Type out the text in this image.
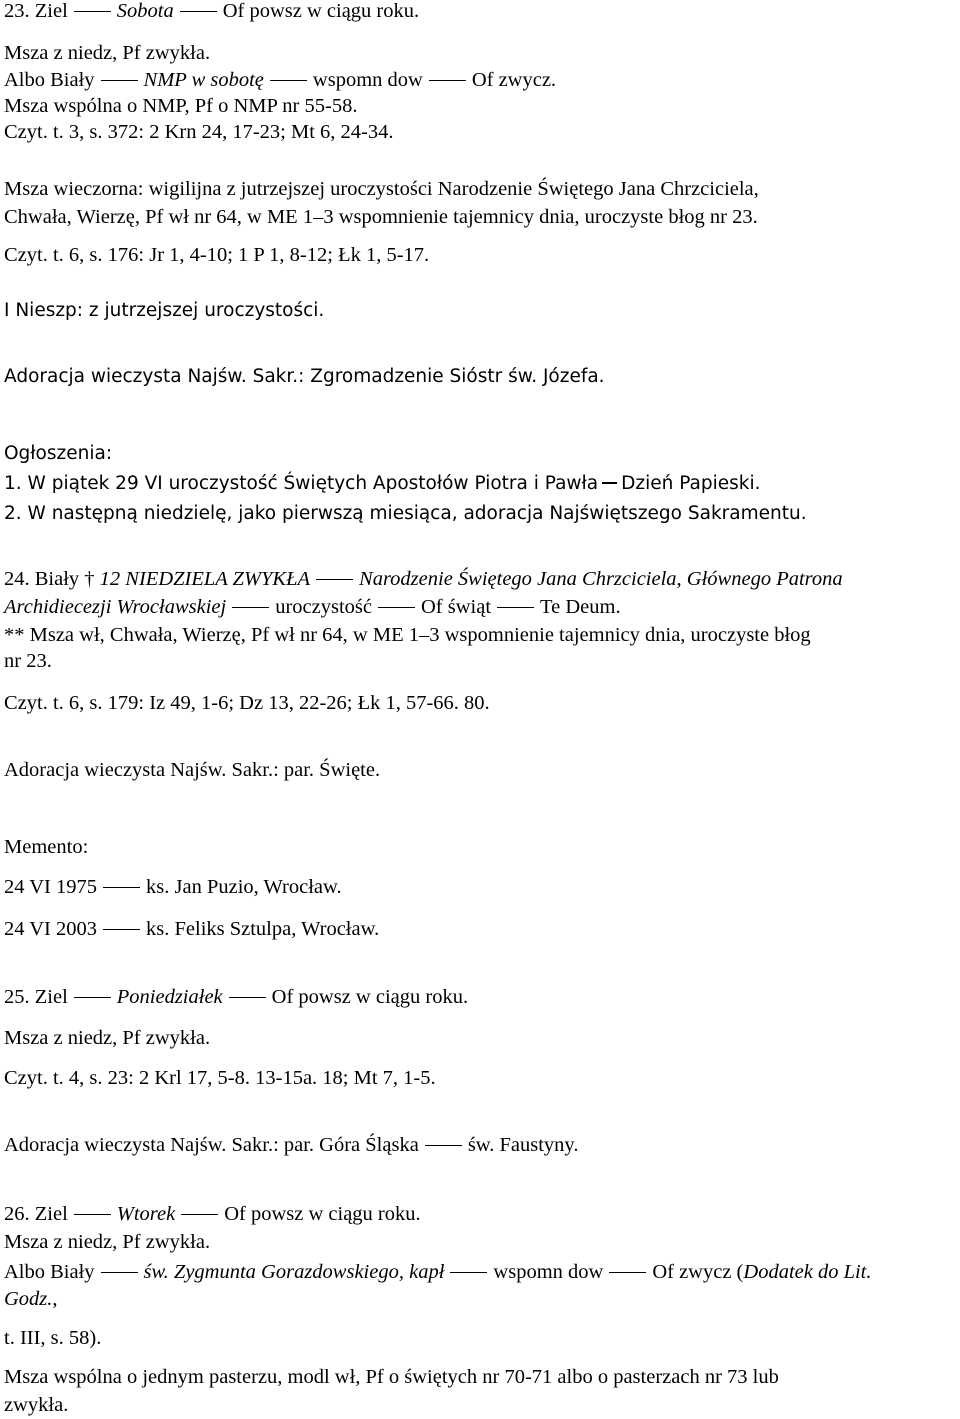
23. Ziel Sobota Of powsz w ciągu roku.
Msza z niedz, Pf zwykła.
Albo Biały NMP w sobotę wspomn dow Of zwycz.
Msza wspólna o NMP, Pf o NMP nr 55-58.
Czyt. t. 3, s. 372: 2 Krn 24, 17-23; Mt 6, 24-34.
Msza wieczorna: wigilijna z jutrzejszej uroczystości Narodzenie Świętego Jana Chrzciciela,
Chwała, Wierzę, Pf wł nr 64, w ME 1–3 wspomnienie tajemnicy dnia, uroczyste błog nr 23.
Czyt. t. 6, s. 176: Jr 1, 4-10; 1 P 1, 8-12; Łk 1, 5-17.
I Nieszp: z jutrzejszej uroczystości.
Adoracja wieczysta Najśw. Sakr.: Zgromadzenie Sióstr św. Józefa.
Ogłoszenia:
1. W piątek 29 VI uroczystość Świętych Apostołów Piotra i Pawła Dzień Papieski.
2. W następną niedzielę, jako pierwszą miesiąca, adoracja Najświętszego Sakramentu.
24. Biały † 12 NIEDZIELA ZWYKŁA Narodzenie Świętego Jana Chrzciciela, Głównego Patrona
Archidiecezji Wrocławskiej uroczystość Of świąt Te Deum.
** Msza wł, Chwała, Wierzę, Pf wł nr 64, w ME 1–3 wspomnienie tajemnicy dnia, uroczyste błog
nr 23.
Czyt. t. 6, s. 179: Iz 49, 1-6; Dz 13, 22-26; Łk 1, 57-66. 80.
Adoracja wieczysta Najśw. Sakr.: par. Święte.
Memento:
24 VI 1975 ks. Jan Puzio, Wrocław.
24 VI 2003 ks. Feliks Sztulpa, Wrocław.
25. Ziel Poniedziałek Of powsz w ciągu roku.
Msza z niedz, Pf zwykła.
Czyt. t. 4, s. 23: 2 Krl 17, 5-8. 13-15a. 18; Mt 7, 1-5.
Adoracja wieczysta Najśw. Sakr.: par. Góra Śląska św. Faustyny.
26. Ziel Wtorek Of powsz w ciągu roku.
Msza z niedz, Pf zwykła.
Albo Biały św. Zygmunta Gorazdowskiego, kapł wspomn dow Of zwycz (Dodatek do Lit.
Godz.,
t. III, s. 58).
Msza wspólna o jednym pasterzu, modl wł, Pf o świętych nr 70-71 albo o pasterzach nr 73 lub
zwykła.
